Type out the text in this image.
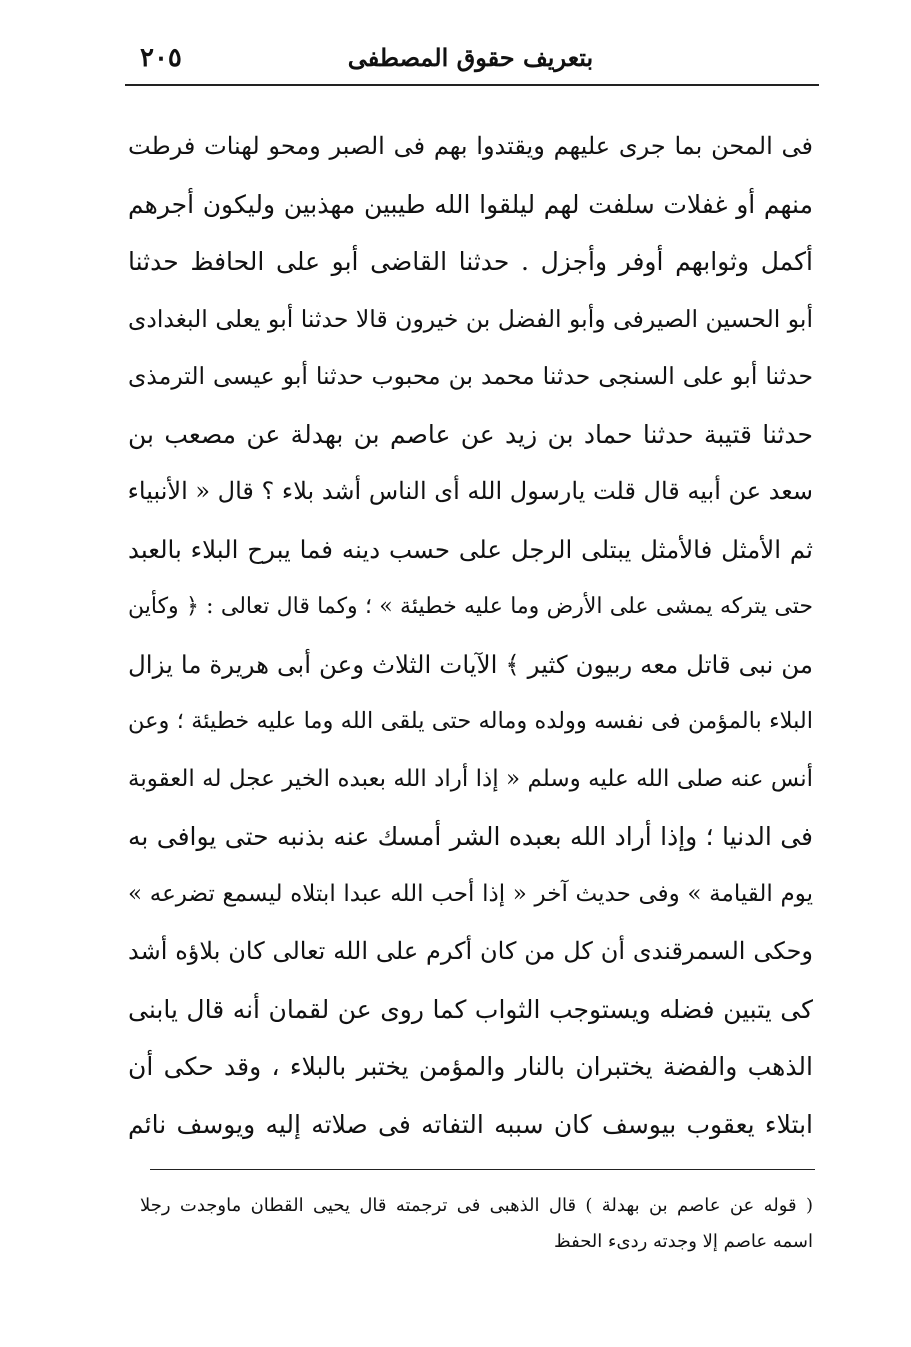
بتعريف حقوق المصطفى
٢٠٥
فى المحن بما جرى عليهم ويقتدوا بهم فى الصبر ومحو لهنات فرطت
منهم أو غفلات سلفت لهم ليلقوا الله طيبين مهذبين وليكون أجرهم
أكمل وثوابهم أوفر وأجزل . حدثنا القاضى أبو على الحافظ حدثنا
أبو الحسين الصيرفى وأبو الفضل بن خيرون قالا حدثنا أبو يعلى البغدادى
حدثنا أبو على السنجى حدثنا محمد بن محبوب حدثنا أبو عيسى الترمذى
حدثنا قتيبة حدثنا حماد بن زيد عن عاصم بن بهدلة عن مصعب بن
سعد عن أبيه قال قلت يارسول الله أى الناس أشد بلاء ؟ قال « الأنبياء
ثم الأمثل فالأمثل يبتلى الرجل على حسب دينه فما يبرح البلاء بالعبد
حتى يتركه يمشى على الأرض وما عليه خطيئة » ؛ وكما قال تعالى : ﴿ وكأين
من نبى قاتل معه ربيون كثير ﴾ الآيات الثلاث وعن أبى هريرة ما يزال
البلاء بالمؤمن فى نفسه وولده وماله حتى يلقى الله وما عليه خطيئة ؛ وعن
أنس عنه صلى الله عليه وسلم « إذا أراد الله بعبده الخير عجل له العقوبة
فى الدنيا ؛ وإذا أراد الله بعبده الشر أمسك عنه بذنبه حتى يوافى به
يوم القيامة » وفى حديث آخر « إذا أحب الله عبدا ابتلاه ليسمع تضرعه »
وحكى السمرقندى أن كل من كان أكرم على الله تعالى كان بلاؤه أشد
كى يتبين فضله ويستوجب الثواب كما روى عن لقمان أنه قال يابنى
الذهب والفضة يختبران بالنار والمؤمن يختبر بالبلاء ، وقد حكى أن
ابتلاء يعقوب بيوسف كان سببه التفاته فى صلاته إليه ويوسف نائم
( قوله عن عاصم بن بهدلة ) قال الذهبى فى ترجمته قال يحيى القطان ماوجدت رجلا
اسمه عاصم إلا وجدته ردىء الحفظ
